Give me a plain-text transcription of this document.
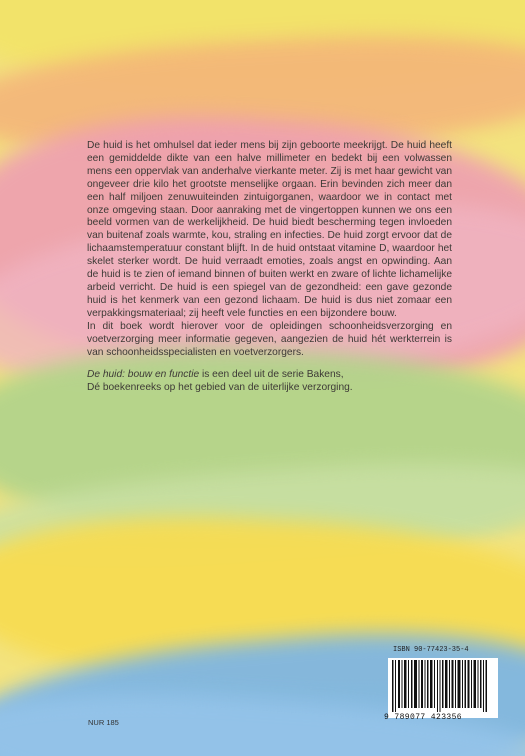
De huid is het omhulsel dat ieder mens bij zijn geboorte meekrijgt. De huid heeft een gemiddelde dikte van een halve millimeter en bedekt bij een volwassen mens een oppervlak van anderhalve vierkante meter. Zij is met haar gewicht van ongeveer drie kilo het grootste menselijke orgaan. Erin bevinden zich meer dan een half miljoen zenuwuiteinden zintuigorganen, waardoor we in contact met onze omgeving staan. Door aanraking met de vingertoppen kunnen we ons een beeld vormen van de werkelijkheid. De huid biedt bescherming tegen invloeden van buitenaf zoals warmte, kou, straling en infecties. De huid zorgt ervoor dat de lichaamstemperatuur constant blijft. In de huid ontstaat vitamine D, waardoor het skelet sterker wordt. De huid verraadt emoties, zoals angst en opwinding. Aan de huid is te zien of iemand binnen of buiten werkt en zware of lichte lichamelijke arbeid verricht. De huid is een spiegel van de gezondheid: een gave gezonde huid is het kenmerk van een gezond lichaam. De huid is dus niet zomaar een verpakkingsmateriaal; zij heeft vele functies en een bijzondere bouw.

In dit boek wordt hierover voor de opleidingen schoonheidsverzorging en voetverzorging meer informatie gegeven, aangezien de huid hét werkterrein is van schoonheidsspecialisten en voetverzorgers.

De huid: bouw en functie is een deel uit de serie Bakens,
Dé boekenreeks op het gebied van de uiterlijke verzorging.

ISBN 90-77423-35-4
9 789077 423356
NUR 185
